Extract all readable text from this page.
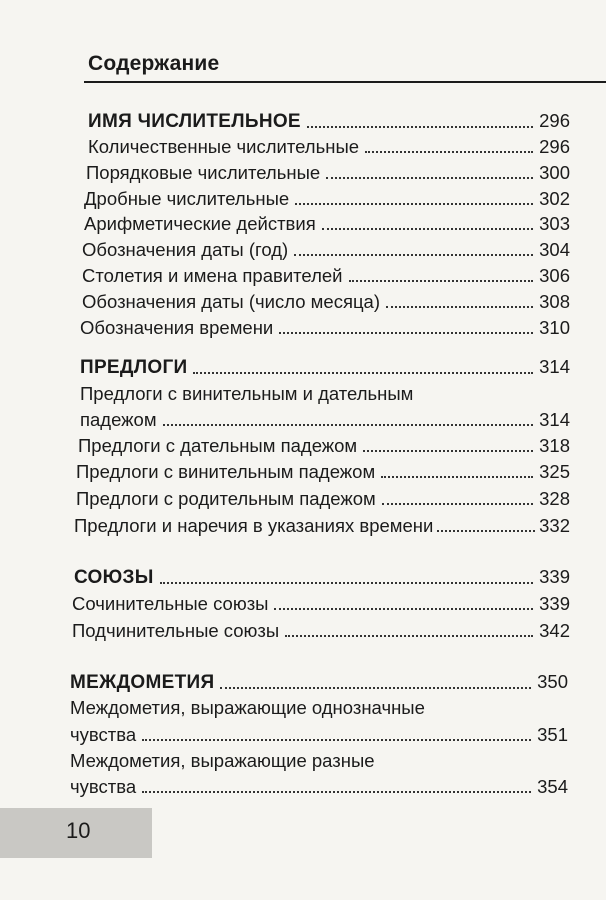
Содержание
ИМЯ ЧИСЛИТЕЛЬНОЕ	296
Количественные числительные	296
Порядковые числительные	300
Дробные числительные	302
Арифметические действия	303
Обозначения даты (год)	304
Столетия и имена правителей	306
Обозначения даты (число месяца)	308
Обозначения времени	310
ПРЕДЛОГИ	314
Предлоги с винительным и дательным
падежом	314
Предлоги с дательным падежом	318
Предлоги с винительным падежом	325
Предлоги с родительным падежом	328
Предлоги и наречия в указаниях времени	332
СОЮЗЫ	339
Сочинительные союзы	339
Подчинительные союзы	342
МЕЖДОМЕТИЯ	350
Междометия, выражающие однозначные
чувства	351
Междометия, выражающие разные
чувства	354
10
